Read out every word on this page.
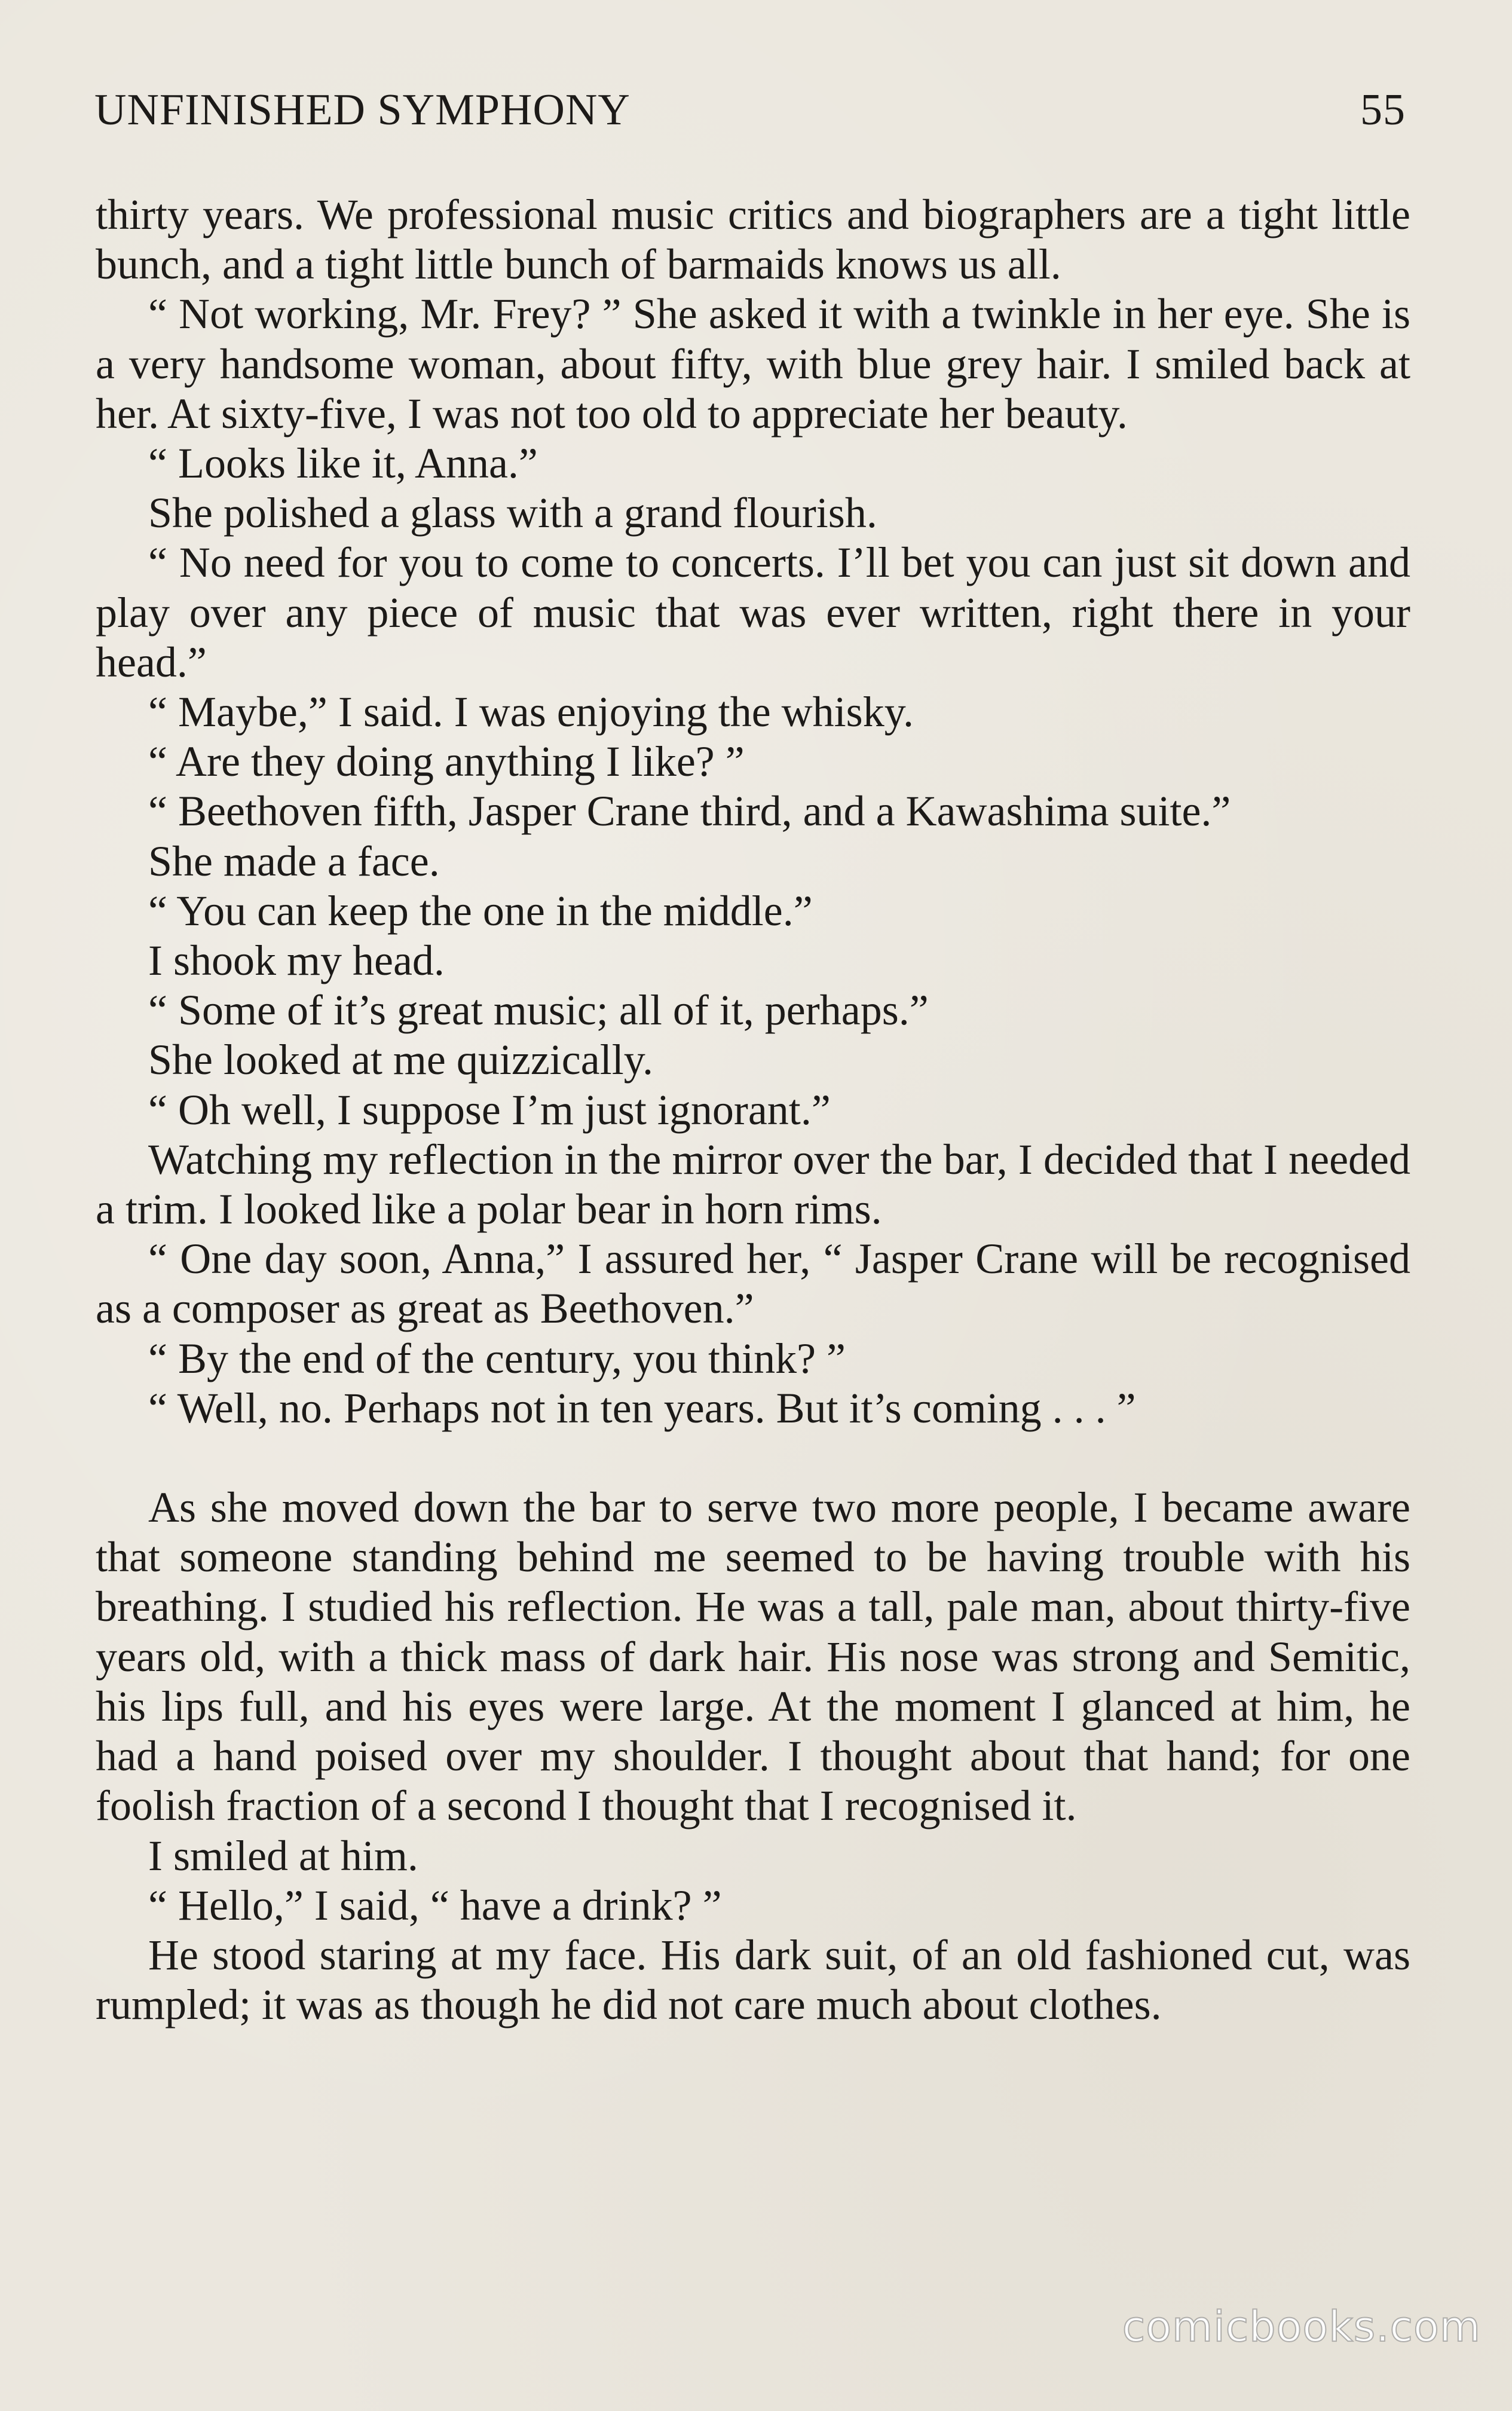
UNFINISHED SYMPHONY	55

thirty years. We professional music critics and biographers are a tight little bunch, and a tight little bunch of barmaids knows us all.

“ Not working, Mr. Frey? ” She asked it with a twinkle in her eye. She is a very handsome woman, about fifty, with blue grey hair. I smiled back at her. At sixty-five, I was not too old to appreciate her beauty.

“ Looks like it, Anna.”

She polished a glass with a grand flourish.

“ No need for you to come to concerts. I’ll bet you can just sit down and play over any piece of music that was ever written, right there in your head.”

“ Maybe,” I said. I was enjoying the whisky.

“ Are they doing anything I like? ”

“ Beethoven fifth, Jasper Crane third, and a Kawashima suite.”

She made a face.

“ You can keep the one in the middle.”

I shook my head.

“ Some of it’s great music; all of it, perhaps.”

She looked at me quizzically.

“ Oh well, I suppose I’m just ignorant.”

Watching my reflection in the mirror over the bar, I decided that I needed a trim. I looked like a polar bear in horn rims.

“ One day soon, Anna,” I assured her, “ Jasper Crane will be recognised as a composer as great as Beethoven.”

“ By the end of the century, you think? ”

“ Well, no. Perhaps not in ten years. But it’s coming . . . ”

As she moved down the bar to serve two more people, I became aware that someone standing behind me seemed to be having trouble with his breathing. I studied his reflection. He was a tall, pale man, about thirty-five years old, with a thick mass of dark hair. His nose was strong and Semitic, his lips full, and his eyes were large. At the moment I glanced at him, he had a hand poised over my shoulder. I thought about that hand; for one foolish fraction of a second I thought that I recognised it.

I smiled at him.

“ Hello,” I said, “ have a drink? ”

He stood staring at my face. His dark suit, of an old fashioned cut, was rumpled; it was as though he did not care much about clothes.

comicbooks.com
